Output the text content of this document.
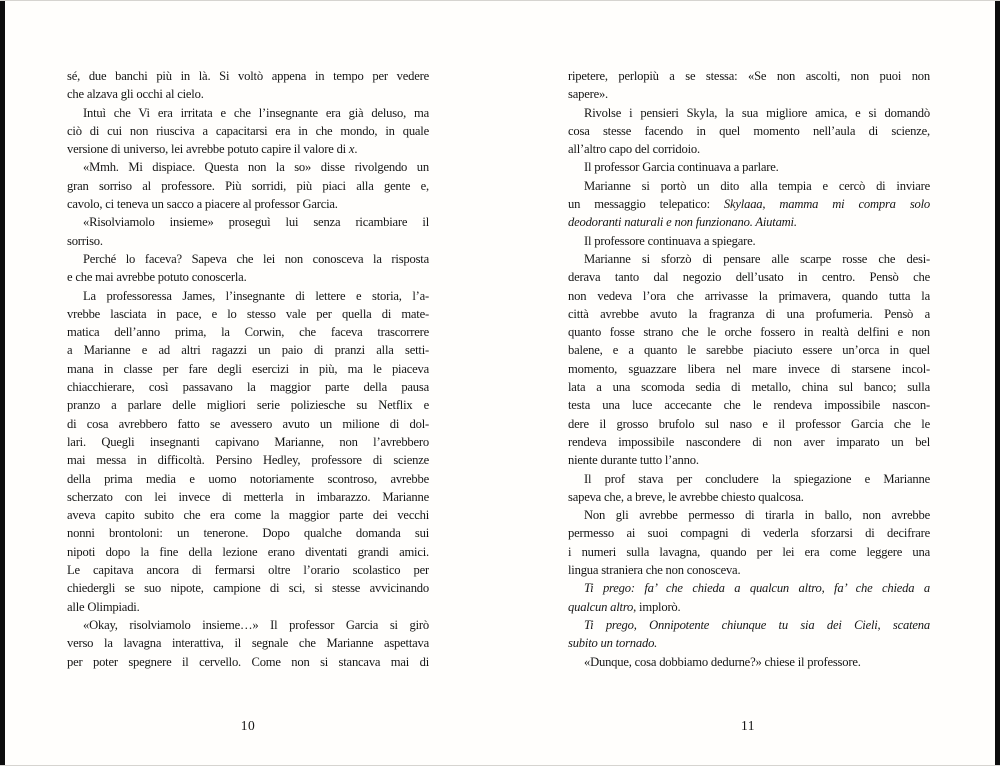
sé, due banchi più in là. Si voltò appena in tempo per vedere
che alzava gli occhi al cielo.
Intuì che Vi era irritata e che l’insegnante era già deluso, ma
ciò di cui non riusciva a capacitarsi era in che mondo, in quale
versione di universo, lei avrebbe potuto capire il valore di x.
«Mmh. Mi dispiace. Questa non la so» disse rivolgendo un
gran sorriso al professore. Più sorridi, più piaci alla gente e,
cavolo, ci teneva un sacco a piacere al professor Garcia.
«Risolviamolo insieme» proseguì lui senza ricambiare il
sorriso.
Perché lo faceva? Sapeva che lei non conosceva la risposta
e che mai avrebbe potuto conoscerla.
La professoressa James, l’insegnante di lettere e storia, l’a-
vrebbe lasciata in pace, e lo stesso vale per quella di mate-
matica dell’anno prima, la Corwin, che faceva trascorrere
a Marianne e ad altri ragazzi un paio di pranzi alla setti-
mana in classe per fare degli esercizi in più, ma le piaceva
chiacchierare, così passavano la maggior parte della pausa
pranzo a parlare delle migliori serie poliziesche su Netflix e
di cosa avrebbero fatto se avessero avuto un milione di dol-
lari. Quegli insegnanti capivano Marianne, non l’avrebbero
mai messa in difficoltà. Persino Hedley, professore di scienze
della prima media e uomo notoriamente scontroso, avrebbe
scherzato con lei invece di metterla in imbarazzo. Marianne
aveva capito subito che era come la maggior parte dei vecchi
nonni brontoloni: un tenerone. Dopo qualche domanda sui
nipoti dopo la fine della lezione erano diventati grandi amici.
Le capitava ancora di fermarsi oltre l’orario scolastico per
chiedergli se suo nipote, campione di sci, si stesse avvicinando
alle Olimpiadi.
«Okay, risolviamolo insieme…» Il professor Garcia si girò
verso la lavagna interattiva, il segnale che Marianne aspettava
per poter spegnere il cervello. Come non si stancava mai di
ripetere, perlopiù a se stessa: «Se non ascolti, non puoi non
sapere».
Rivolse i pensieri Skyla, la sua migliore amica, e si domandò
cosa stesse facendo in quel momento nell’aula di scienze,
all’altro capo del corridoio.
Il professor Garcia continuava a parlare.
Marianne si portò un dito alla tempia e cercò di inviare
un messaggio telepatico: Skylaaa, mamma mi compra solo
deodoranti naturali e non funzionano. Aiutami.
Il professore continuava a spiegare.
Marianne si sforzò di pensare alle scarpe rosse che desi-
derava tanto dal negozio dell’usato in centro. Pensò che
non vedeva l’ora che arrivasse la primavera, quando tutta la
città avrebbe avuto la fragranza di una profumeria. Pensò a
quanto fosse strano che le orche fossero in realtà delfini e non
balene, e a quanto le sarebbe piaciuto essere un’orca in quel
momento, sguazzare libera nel mare invece di starsene incol-
lata a una scomoda sedia di metallo, china sul banco; sulla
testa una luce accecante che le rendeva impossibile nascon-
dere il grosso brufolo sul naso e il professor Garcia che le
rendeva impossibile nascondere di non aver imparato un bel
niente durante tutto l’anno.
Il prof stava per concludere la spiegazione e Marianne
sapeva che, a breve, le avrebbe chiesto qualcosa.
Non gli avrebbe permesso di tirarla in ballo, non avrebbe
permesso ai suoi compagni di vederla sforzarsi di decifrare
i numeri sulla lavagna, quando per lei era come leggere una
lingua straniera che non conosceva.
Ti prego: fa’ che chieda a qualcun altro, fa’ che chieda a
qualcun altro, implorò.
Ti prego, Onnipotente chiunque tu sia dei Cieli, scatena
subito un tornado.
«Dunque, cosa dobbiamo dedurne?» chiese il professore.
10	11
